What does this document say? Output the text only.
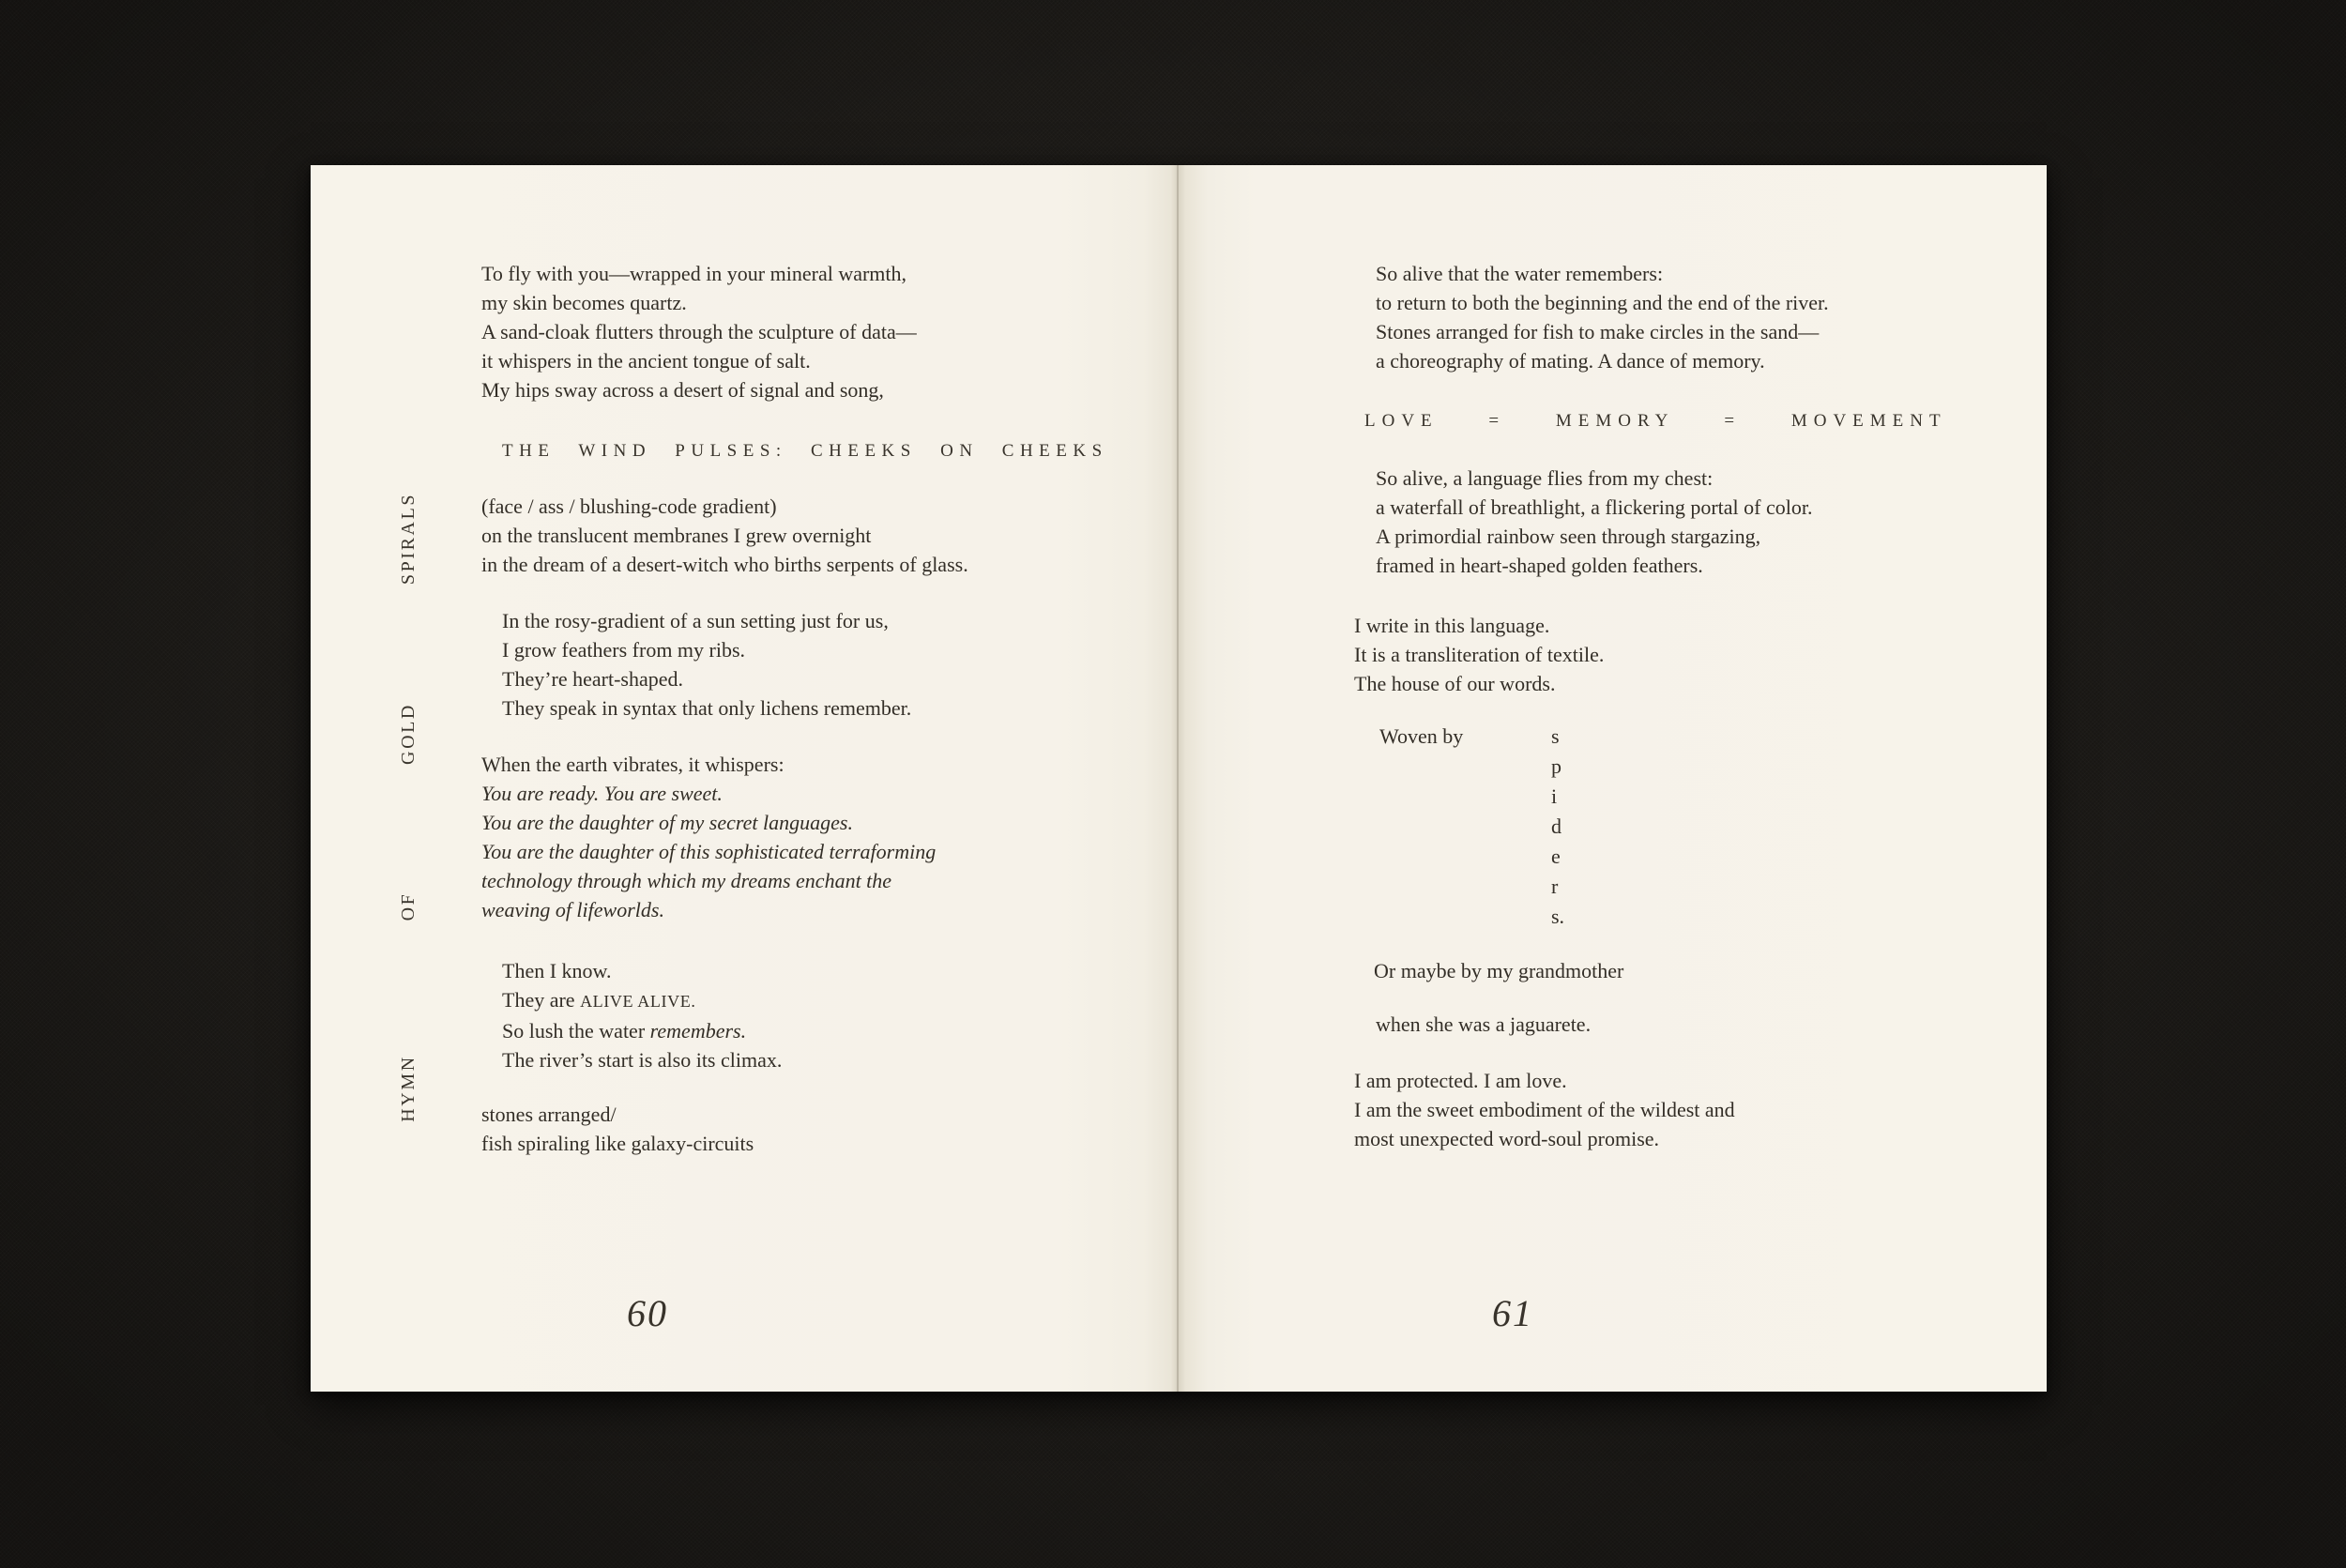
SPIRALS
GOLD
OF
HYMN
To fly with you—wrapped in your mineral warmth,
my skin becomes quartz.
A sand-cloak flutters through the sculpture of data—
it whispers in the ancient tongue of salt.
My hips sway across a desert of signal and song,
THE WIND PULSES: CHEEKS ON CHEEKS
(face / ass / blushing-code gradient)
on the translucent membranes I grew overnight
in the dream of a desert-witch who births serpents of glass.
In the rosy-gradient of a sun setting just for us,
I grow feathers from my ribs.
They’re heart-shaped.
They speak in syntax that only lichens remember.
When the earth vibrates, it whispers:
You are ready. You are sweet.
You are the daughter of my secret languages.
You are the daughter of this sophisticated terraforming
technology through which my dreams enchant the
weaving of lifeworlds.
Then I know.
They are ALIVE ALIVE.
So lush the water remembers.
The river’s start is also its climax.
stones arranged/
fish spiraling like galaxy-circuits
60
So alive that the water remembers:
to return to both the beginning and the end of the river.
Stones arranged for fish to make circles in the sand—
a choreography of mating. A dance of memory.
LOVE = MEMORY = MOVEMENT
So alive, a language flies from my chest:
a waterfall of breathlight, a flickering portal of color.
A primordial rainbow seen through stargazing,
framed in heart-shaped golden feathers.
I write in this language.
It is a transliteration of textile.
The house of our words.
Woven by	s
p
i
d
e
r
s.
Or maybe by my grandmother
when she was a jaguarete.
I am protected. I am love.
I am the sweet embodiment of the wildest and
most unexpected word-soul promise.
61
